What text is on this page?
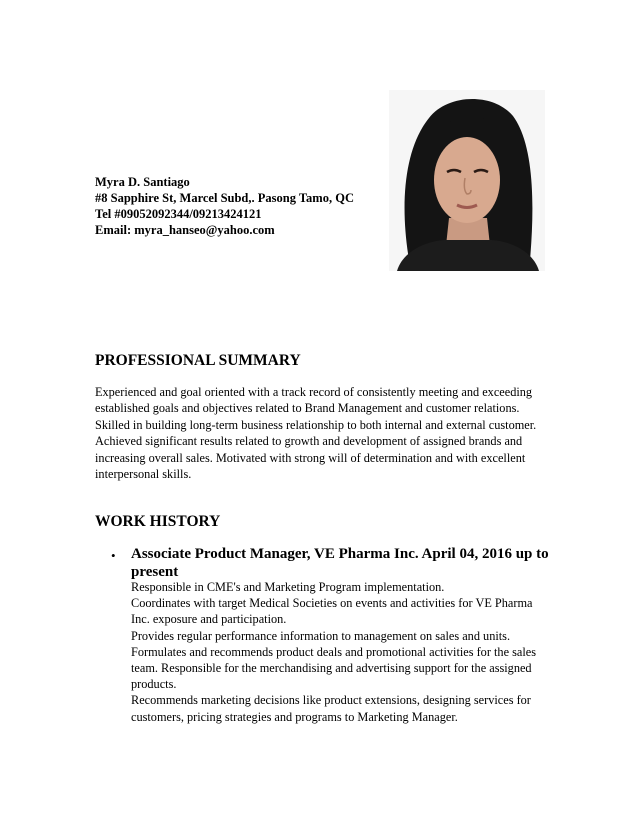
Myra D. Santiago
#8 Sapphire St, Marcel Subd,. Pasong Tamo, QC
Tel #09052092344/09213424121
Email: myra_hanseo@yahoo.com
PROFESSIONAL SUMMARY
Experienced and goal oriented with a track record of consistently meeting and exceeding
established goals and objectives related to Brand Management and customer relations.
Skilled in building long-term business relationship to both internal and external customer.
Achieved significant results related to growth and development of assigned brands and
increasing overall sales. Motivated with strong will of determination and with excellent
interpersonal skills.
WORK HISTORY
• Associate Product Manager, VE Pharma Inc. April 04, 2016 up to
present
Responsible in CME's and Marketing Program implementation.
Coordinates with target Medical Societies on events and activities for VE Pharma
Inc. exposure and participation.
Provides regular performance information to management on sales and units.
Formulates and recommends product deals and promotional activities for the sales
team. Responsible for the merchandising and advertising support for the assigned
products.
Recommends marketing decisions like product extensions, designing services for
customers, pricing strategies and programs to Marketing Manager.
